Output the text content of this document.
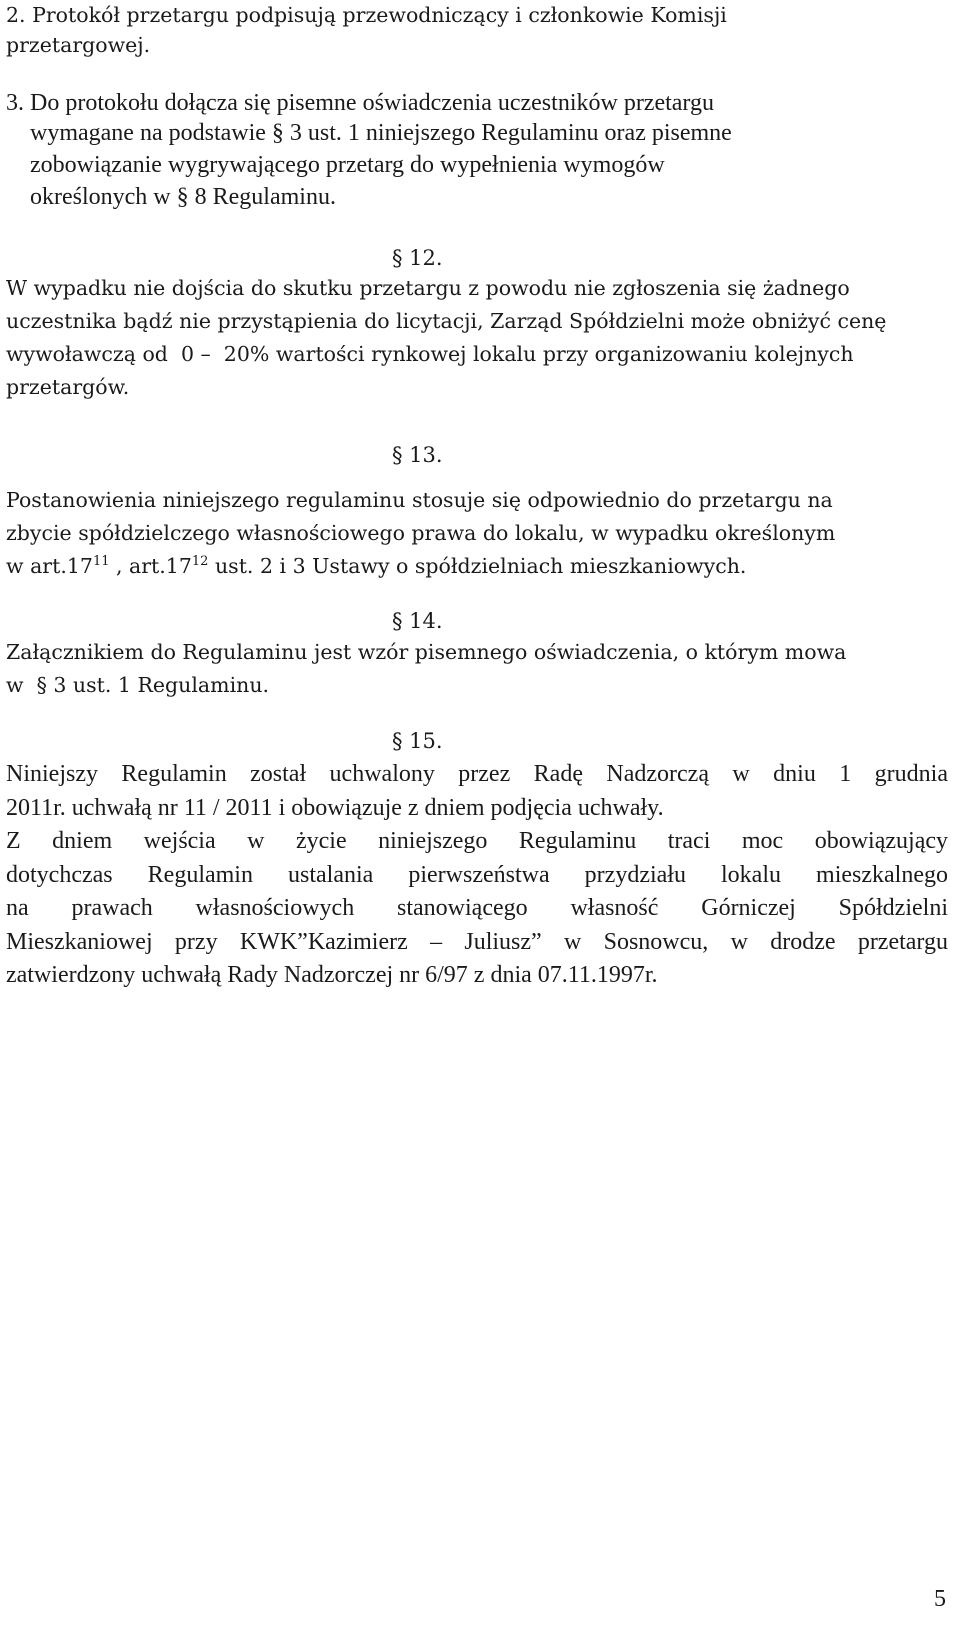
2. Protokół przetargu podpisują przewodniczący i członkowie Komisji

przetargowej.

3. Do protokołu dołącza się pisemne oświadczenia uczestników przetargu

wymagane na podstawie § 3 ust. 1 niniejszego Regulaminu oraz pisemne

zobowiązanie wygrywającego przetarg do wypełnienia wymogów

określonych w § 8 Regulaminu.

§ 12.

W wypadku nie dojścia do skutku przetargu z powodu nie zgłoszenia się żadnego

uczestnika bądź nie przystąpienia do licytacji, Zarząd Spółdzielni może obniżyć cenę

wywoławczą od  0 –  20% wartości rynkowej lokalu przy organizowaniu kolejnych

przetargów.

§ 13.

Postanowienia niniejszego regulaminu stosuje się odpowiednio do przetargu na

zbycie spółdzielczego własnościowego prawa do lokalu, w wypadku określonym

w $art.17^{11}$ , $art.17^{12}$ ust. 2 i 3 Ustawy o spółdzielniach mieszkaniowych.

§ 14.

Załącznikiem do Regulaminu jest wzór pisemnego oświadczenia, o którym mowa

w  § 3 ust. 1 Regulaminu.

§ 15.
Niniejszy Regulamin został uchwalony przez Radę Nadzorczą w dniu 1 grudnia
2011r. uchwałą nr 11 / 2011 i obowiązuje z dniem podjęcia uchwały.
Z dniem wejścia w życie niniejszego Regulaminu traci moc obowiązujący
dotychczas Regulamin ustalania pierwszeństwa przydziału lokalu mieszkalnego
na prawach własnościowych stanowiącego własność Górniczej Spółdzielni
Mieszkaniowej przy KWK”Kazimierz – Juliusz” w Sosnowcu, w drodze przetargu
zatwierdzony uchwałą Rady Nadzorczej nr 6/97 z dnia 07.11.1997r.
5
